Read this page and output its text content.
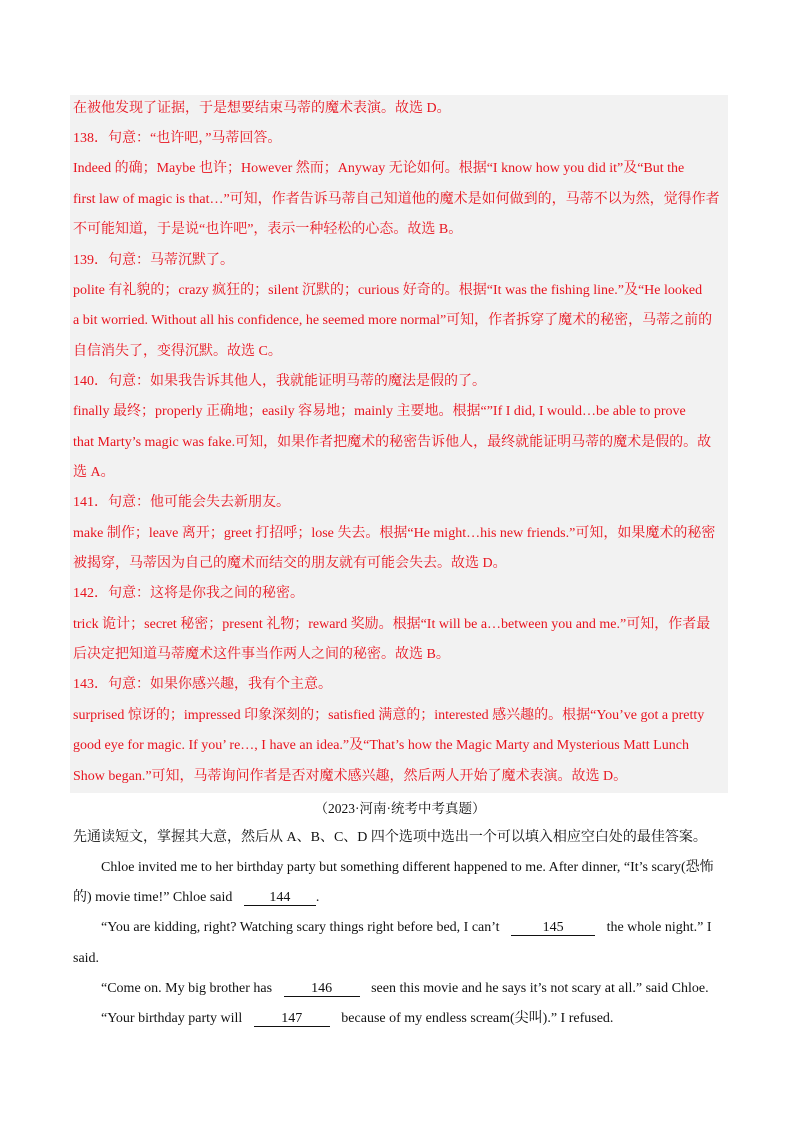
在被他发现了证据，于是想要结束马蒂的魔术表演。故选 D。
138．句意：“也许吧，”马蒂回答。
Indeed 的确；Maybe 也许；However 然而；Anyway 无论如何。根据“I know how you did it”及“But the
first law of magic is that…”可知，作者告诉马蒂自己知道他的魔术是如何做到的，马蒂不以为然，觉得作者
不可能知道，于是说“也许吧”，表示一种轻松的心态。故选 B。
139．句意：马蒂沉默了。
polite 有礼貌的；crazy 疯狂的；silent 沉默的；curious 好奇的。根据“It was the fishing line.”及“He looked
a bit worried. Without all his confidence, he seemed more normal”可知，作者拆穿了魔术的秘密，马蒂之前的
自信消失了，变得沉默。故选 C。
140．句意：如果我告诉其他人，我就能证明马蒂的魔法是假的了。
finally 最终；properly 正确地；easily 容易地；mainly 主要地。根据“”If I did, I would…be able to prove
that Marty’s magic was fake.可知，如果作者把魔术的秘密告诉他人，最终就能证明马蒂的魔术是假的。故
选 A。
141．句意：他可能会失去新朋友。
make 制作；leave 离开；greet 打招呼；lose 失去。根据“He might…his new friends.”可知，如果魔术的秘密
被揭穿，马蒂因为自己的魔术而结交的朋友就有可能会失去。故选 D。
142．句意：这将是你我之间的秘密。
trick 诡计；secret 秘密；present 礼物；reward 奖励。根据“It will be a…between you and me.”可知，作者最
后决定把知道马蒂魔术这件事当作两人之间的秘密。故选 B。
143．句意：如果你感兴趣，我有个主意。
surprised 惊讶的；impressed 印象深刻的；satisfied 满意的；interested 感兴趣的。根据“You’ve got a pretty
good eye for magic. If you’ re…, I have an idea.”及“That’s how the Magic Marty and Mysterious Matt Lunch
Show began.”可知，马蒂询问作者是否对魔术感兴趣，然后两人开始了魔术表演。故选 D。
（2023·河南·统考中考真题）
先通读短文，掌握其大意，然后从 A、B、C、D 四个选项中选出一个可以填入相应空白处的最佳答案。
Chloe invited me to her birthday party but something different happened to me. After dinner, “It’s scary(恐怖
的) movie time!” Chloe said	144 .
“You are kidding, right? Watching scary things right before bed, I can’t	145	the whole night.” I
said.
“Come on. My big brother has	146	seen this movie and he says it’s not scary at all.” said Chloe.
“Your birthday party will	147	because of my endless scream(尖叫).” I refused.
